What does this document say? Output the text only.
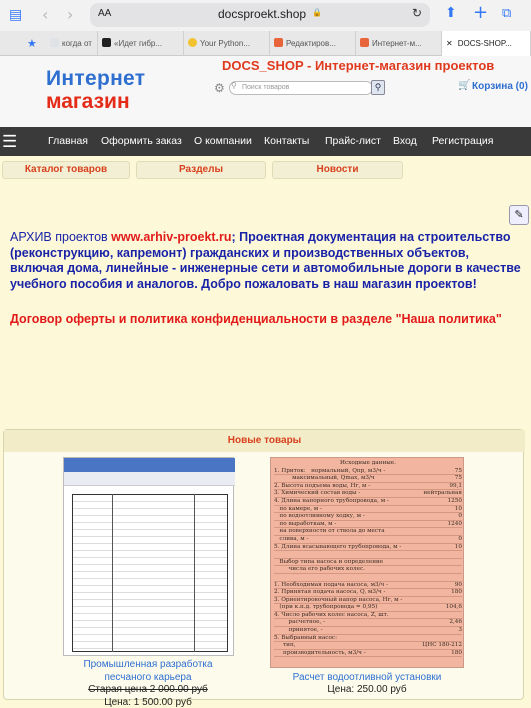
▤ ‹ › AA	docsproekt.shop 🔒	↻ ⬆ + ⧉
★	когда от	«Идет гибр...	Your Python...	Редактиров...	Интернет-м...	✕ DOCS-SHOP...
Интернет
магазин
DOCS_SHOP - Интернет-магазин проектов
⚙	Поиск товаров
⚲	⚲	🛒 Корзина (0)
☰	Главная Оформить заказ О компании Контакты Прайс-лист Вход Регистрация
Каталог товаров	Разделы	Новости
✎
АРХИВ проектов www.arhiv-proekt.ru; Проектная документация на строительство (реконструкцию, капремонт) гражданских и производственных объектов, включая дома, линейные - инженерные сети и автомобильные дороги в качестве учебного пособия и аналогов. Добро пожаловать в наш магазин проектов!
Договор оферты и политика конфиденциальности в разделе "Наша политика"
Новые товары
Промышленная разработка песчаного карьера
Старая цена 2 000.00 руб
Цена: 1 500.00 руб
Исходные данные.
1. Приток:   нормальный, Qпр, м3/ч -	75
максимальный, Qmax, м3/ч	75
2. Высота подъема воды, Нг, м -	99,1
3. Химический состав воды -	нейтральная
4. Длина напорного трубопровода, м -	1250
по камере, м -	10
по водоотливному ходку, м -	0
по выработкам, м -	1240
на поверхности от ствола до места
слива, м -	0
5. Длина всасывающего трубопровода, м -	10

Выбор типа насоса и определение
числа его рабочих колес.

1. Необходимая подача насоса, м3/ч -	90
2. Принятая подача насоса, Q, м3/ч -	180
3. Ориентировочный напор насоса, Нг, м -
(при к.п.д. трубопровода = 0,95)	104,6
4. Число рабочих колес насоса, Z, шт.
расчетное, -	2,46
принятое, -	3
5. Выбранный насос:
тип,	ЦНС 180-212
производительность, м3/ч -	180
Расчет водоотливной установки
Цена: 250.00 руб
